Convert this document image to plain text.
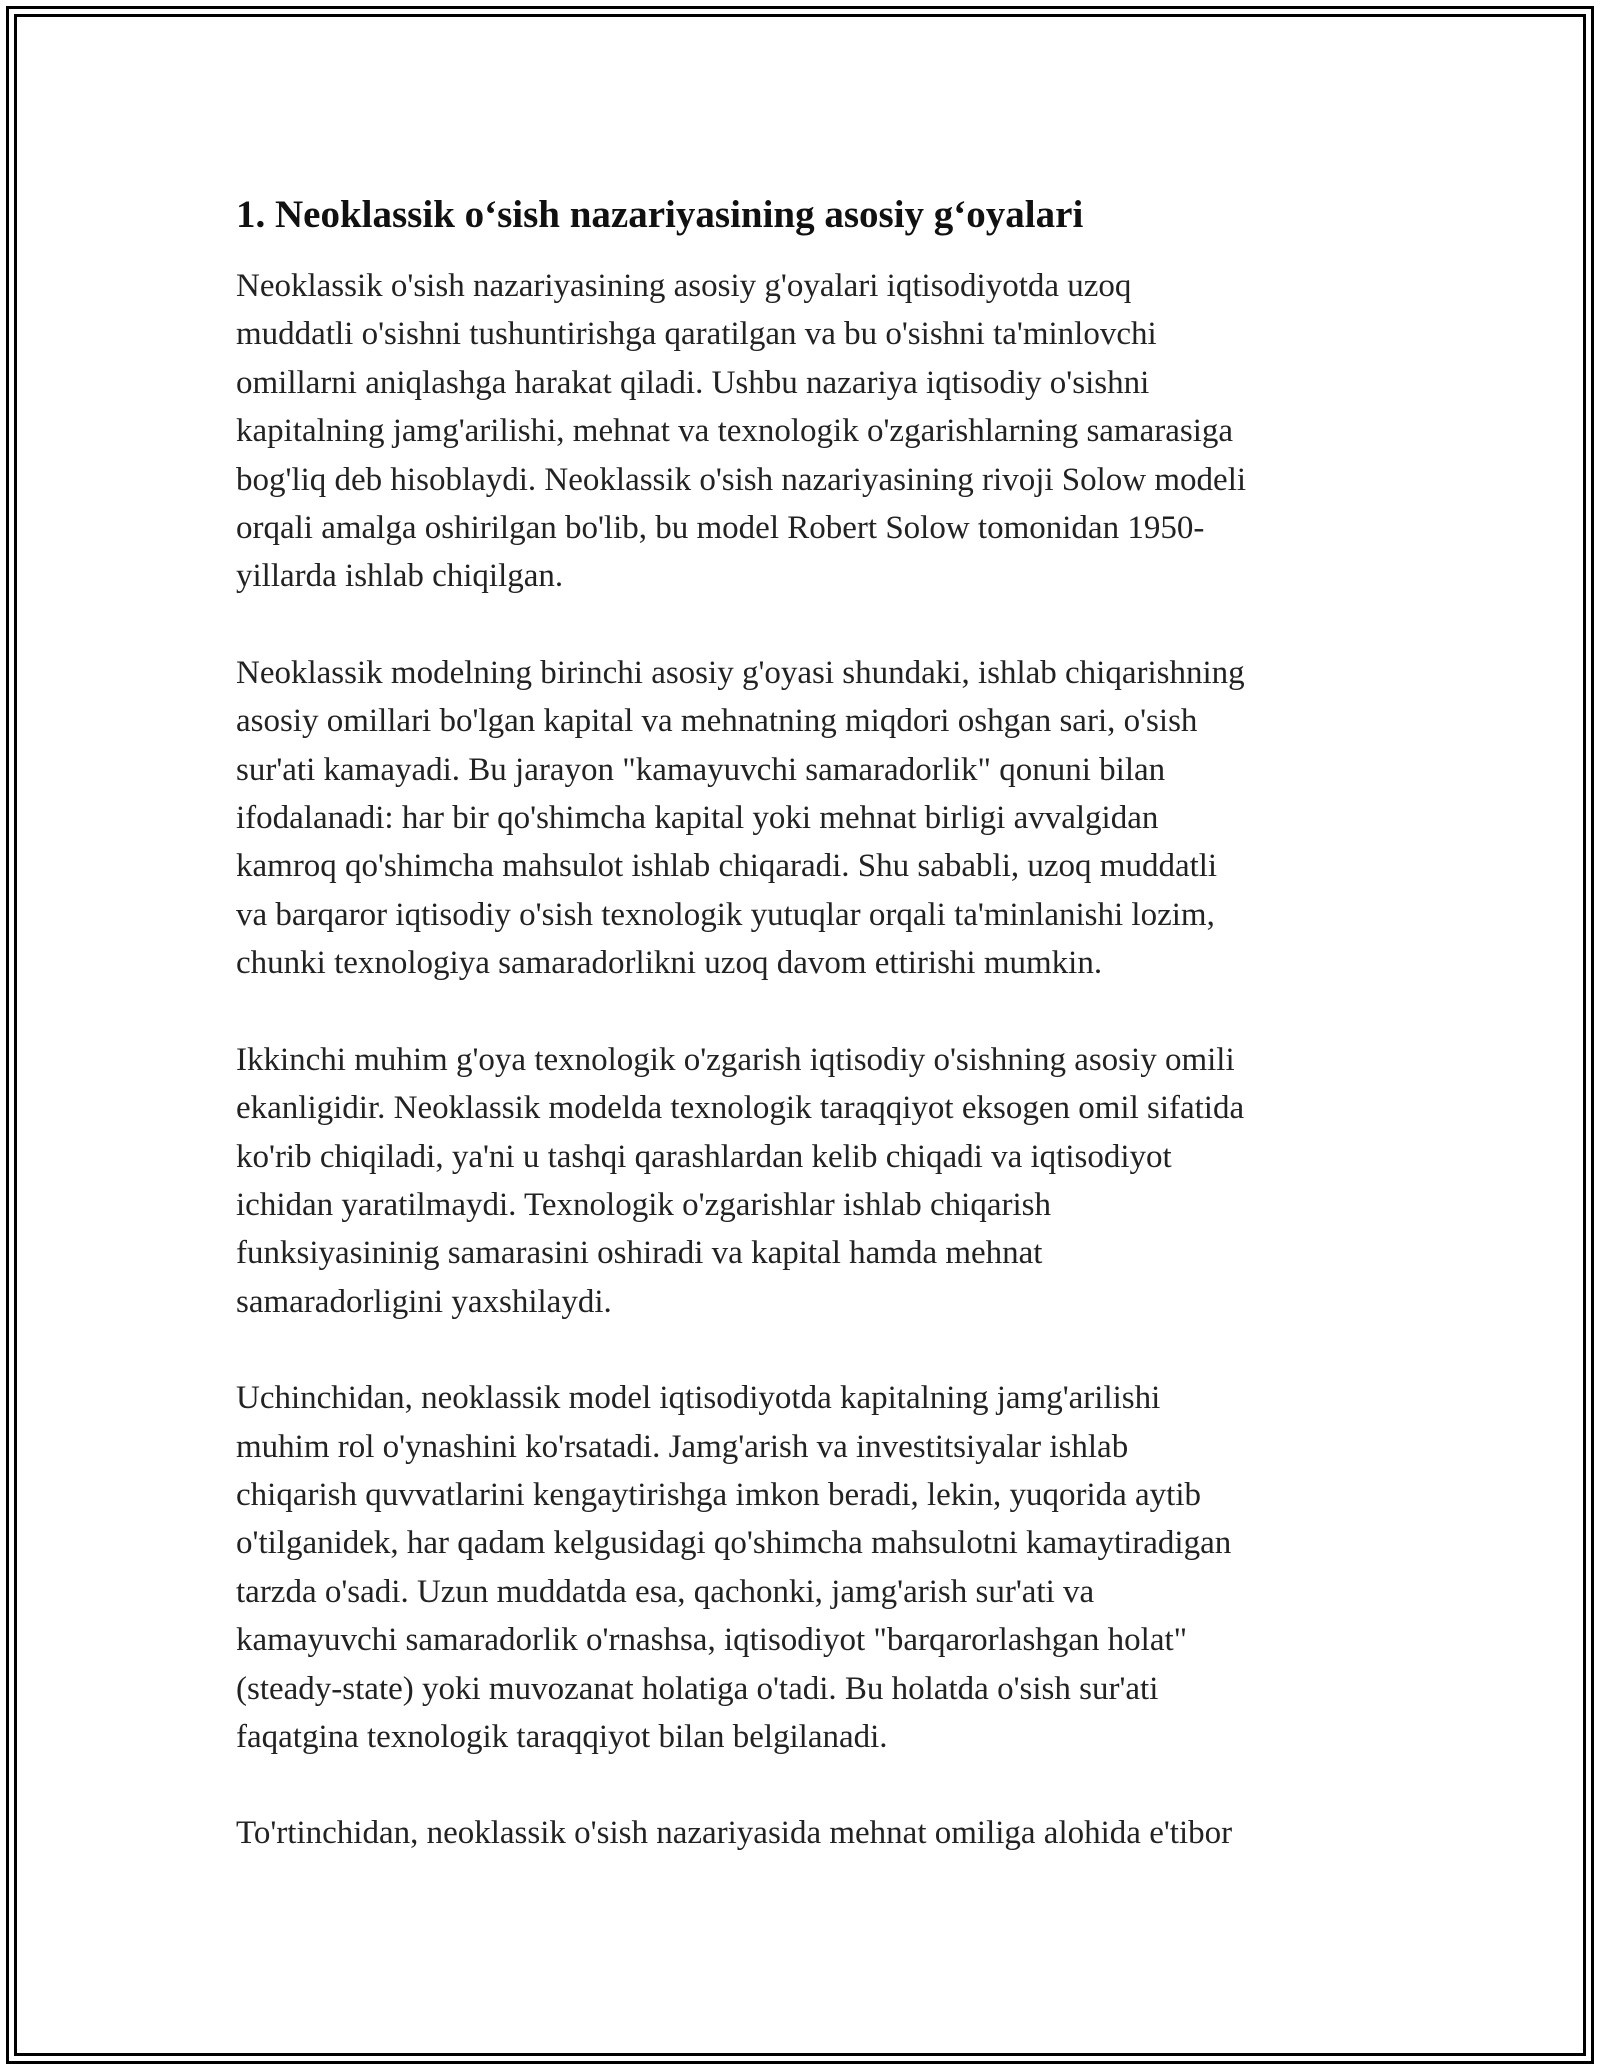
1. Neoklassik o‘sish nazariyasining asosiy g‘oyalari

Neoklassik o'sish nazariyasining asosiy g'oyalari iqtisodiyotda uzoq
muddatli o'sishni tushuntirishga qaratilgan va bu o'sishni ta'minlovchi
omillarni aniqlashga harakat qiladi. Ushbu nazariya iqtisodiy o'sishni
kapitalning jamg'arilishi, mehnat va texnologik o'zgarishlarning samarasiga
bog'liq deb hisoblaydi. Neoklassik o'sish nazariyasining rivoji Solow modeli
orqali amalga oshirilgan bo'lib, bu model Robert Solow tomonidan 1950-
yillarda ishlab chiqilgan.

Neoklassik modelning birinchi asosiy g'oyasi shundaki, ishlab chiqarishning
asosiy omillari bo'lgan kapital va mehnatning miqdori oshgan sari, o'sish
sur'ati kamayadi. Bu jarayon "kamayuvchi samaradorlik" qonuni bilan
ifodalanadi: har bir qo'shimcha kapital yoki mehnat birligi avvalgidan
kamroq qo'shimcha mahsulot ishlab chiqaradi. Shu sababli, uzoq muddatli
va barqaror iqtisodiy o'sish texnologik yutuqlar orqali ta'minlanishi lozim,
chunki texnologiya samaradorlikni uzoq davom ettirishi mumkin.

Ikkinchi muhim g'oya texnologik o'zgarish iqtisodiy o'sishning asosiy omili
ekanligidir. Neoklassik modelda texnologik taraqqiyot eksogen omil sifatida
ko'rib chiqiladi, ya'ni u tashqi qarashlardan kelib chiqadi va iqtisodiyot
ichidan yaratilmaydi. Texnologik o'zgarishlar ishlab chiqarish
funksiyasininig samarasini oshiradi va kapital hamda mehnat
samaradorligini yaxshilaydi.

Uchinchidan, neoklassik model iqtisodiyotda kapitalning jamg'arilishi
muhim rol o'ynashini ko'rsatadi. Jamg'arish va investitsiyalar ishlab
chiqarish quvvatlarini kengaytirishga imkon beradi, lekin, yuqorida aytib
o'tilganidek, har qadam kelgusidagi qo'shimcha mahsulotni kamaytiradigan
tarzda o'sadi. Uzun muddatda esa, qachonki, jamg'arish sur'ati va
kamayuvchi samaradorlik o'rnashsa, iqtisodiyot "barqarorlashgan holat"
(steady-state) yoki muvozanat holatiga o'tadi. Bu holatda o'sish sur'ati
faqatgina texnologik taraqqiyot bilan belgilanadi.

To'rtinchidan, neoklassik o'sish nazariyasida mehnat omiliga alohida e'tibor
